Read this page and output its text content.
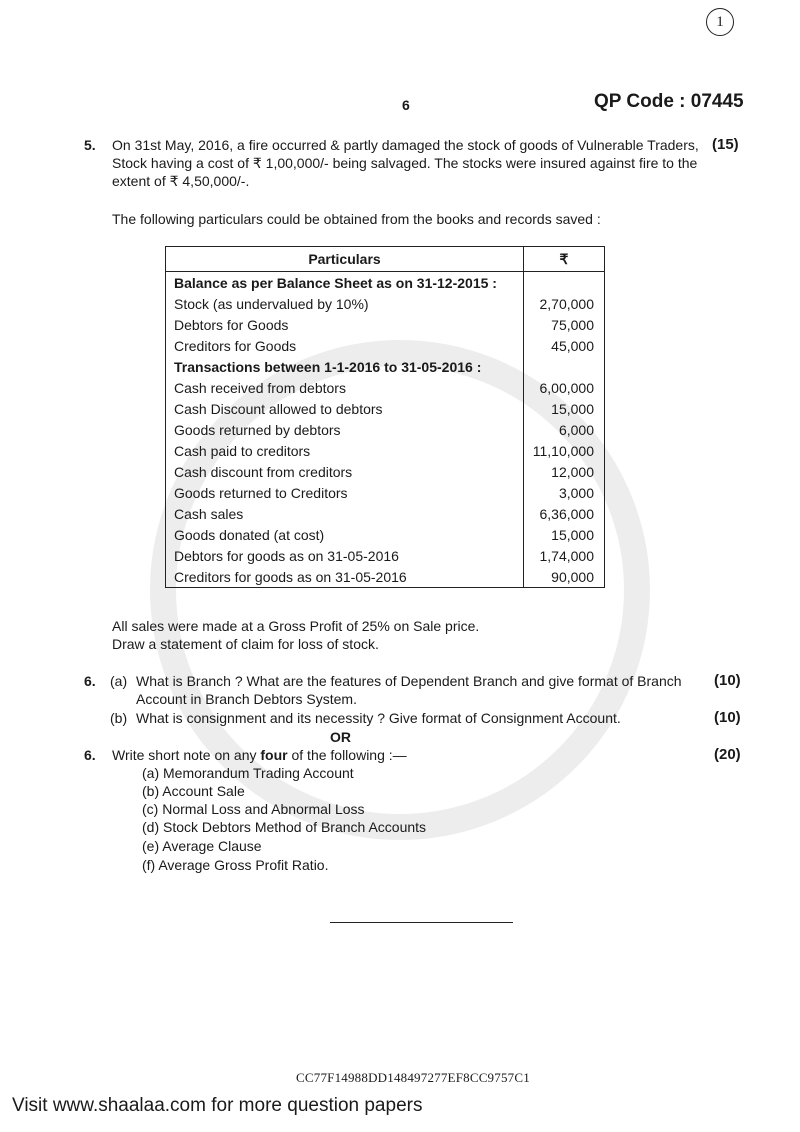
1
6	QP Code : 07445
5. On 31st May, 2016, a fire occurred & partly damaged the stock of goods of Vulnerable Traders,
Stock having a cost of ₹ 1,00,000/- being salvaged. The stocks were insured against fire to the
extent of ₹ 4,50,000/-.
(15)
The following particulars could be obtained from the books and records saved :
Particulars	₹
Balance as per Balance Sheet as on 31-12-2015 :	
Stock (as undervalued by 10%)	2,70,000
Debtors for Goods	75,000
Creditors for Goods	45,000
Transactions between 1-1-2016 to 31-05-2016 :	
Cash received from debtors	6,00,000
Cash Discount allowed to debtors	15,000
Goods returned by debtors	6,000
Cash paid to creditors	11,10,000
Cash discount from creditors	12,000
Goods returned to Creditors	3,000
Cash sales	6,36,000
Goods donated (at cost)	15,000
Debtors for goods as on 31-05-2016	1,74,000
Creditors for goods as on 31-05-2016	90,000
All sales were made at a Gross Profit of 25% on Sale price.
Draw a statement of claim for loss of stock.
6. (a) What is Branch ? What are the features of Dependent Branch and give format of Branch
Account in Branch Debtors System.
(10)
(b) What is consignment and its necessity ? Give format of Consignment Account.	(10)
OR
6. Write short note on any four of the following :—	(20)
(a) Memorandum Trading Account
(b) Account Sale
(c) Normal Loss and Abnormal Loss
(d) Stock Debtors Method of Branch Accounts
(e) Average Clause
(f) Average Gross Profit Ratio.
CC77F14988DD148497277EF8CC9757C1
Visit www.shaalaa.com for more question papers
